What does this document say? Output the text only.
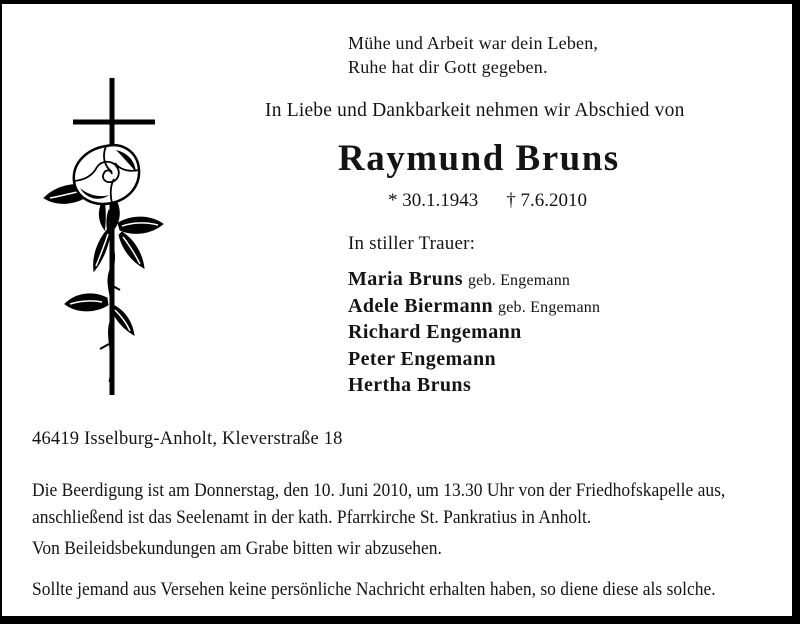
Mühe und Arbeit war dein Leben,
Ruhe hat dir Gott gegeben.
In Liebe und Dankbarkeit nehmen wir Abschied von
Raymund Bruns
* 30.1.1943 † 7.6.2010
In stiller Trauer:
Maria Bruns geb. Engemann
Adele Biermann geb. Engemann
Richard Engemann
Peter Engemann
Hertha Bruns
46419 Isselburg-Anholt, Kleverstraße 18
Die Beerdigung ist am Donnerstag, den 10. Juni 2010, um 13.30 Uhr von der Friedhofskapelle aus,
anschließend ist das Seelenamt in der kath. Pfarrkirche St. Pankratius in Anholt.
Von Beileidsbekundungen am Grabe bitten wir abzusehen.
Sollte jemand aus Versehen keine persönliche Nachricht erhalten haben, so diene diese als solche.
